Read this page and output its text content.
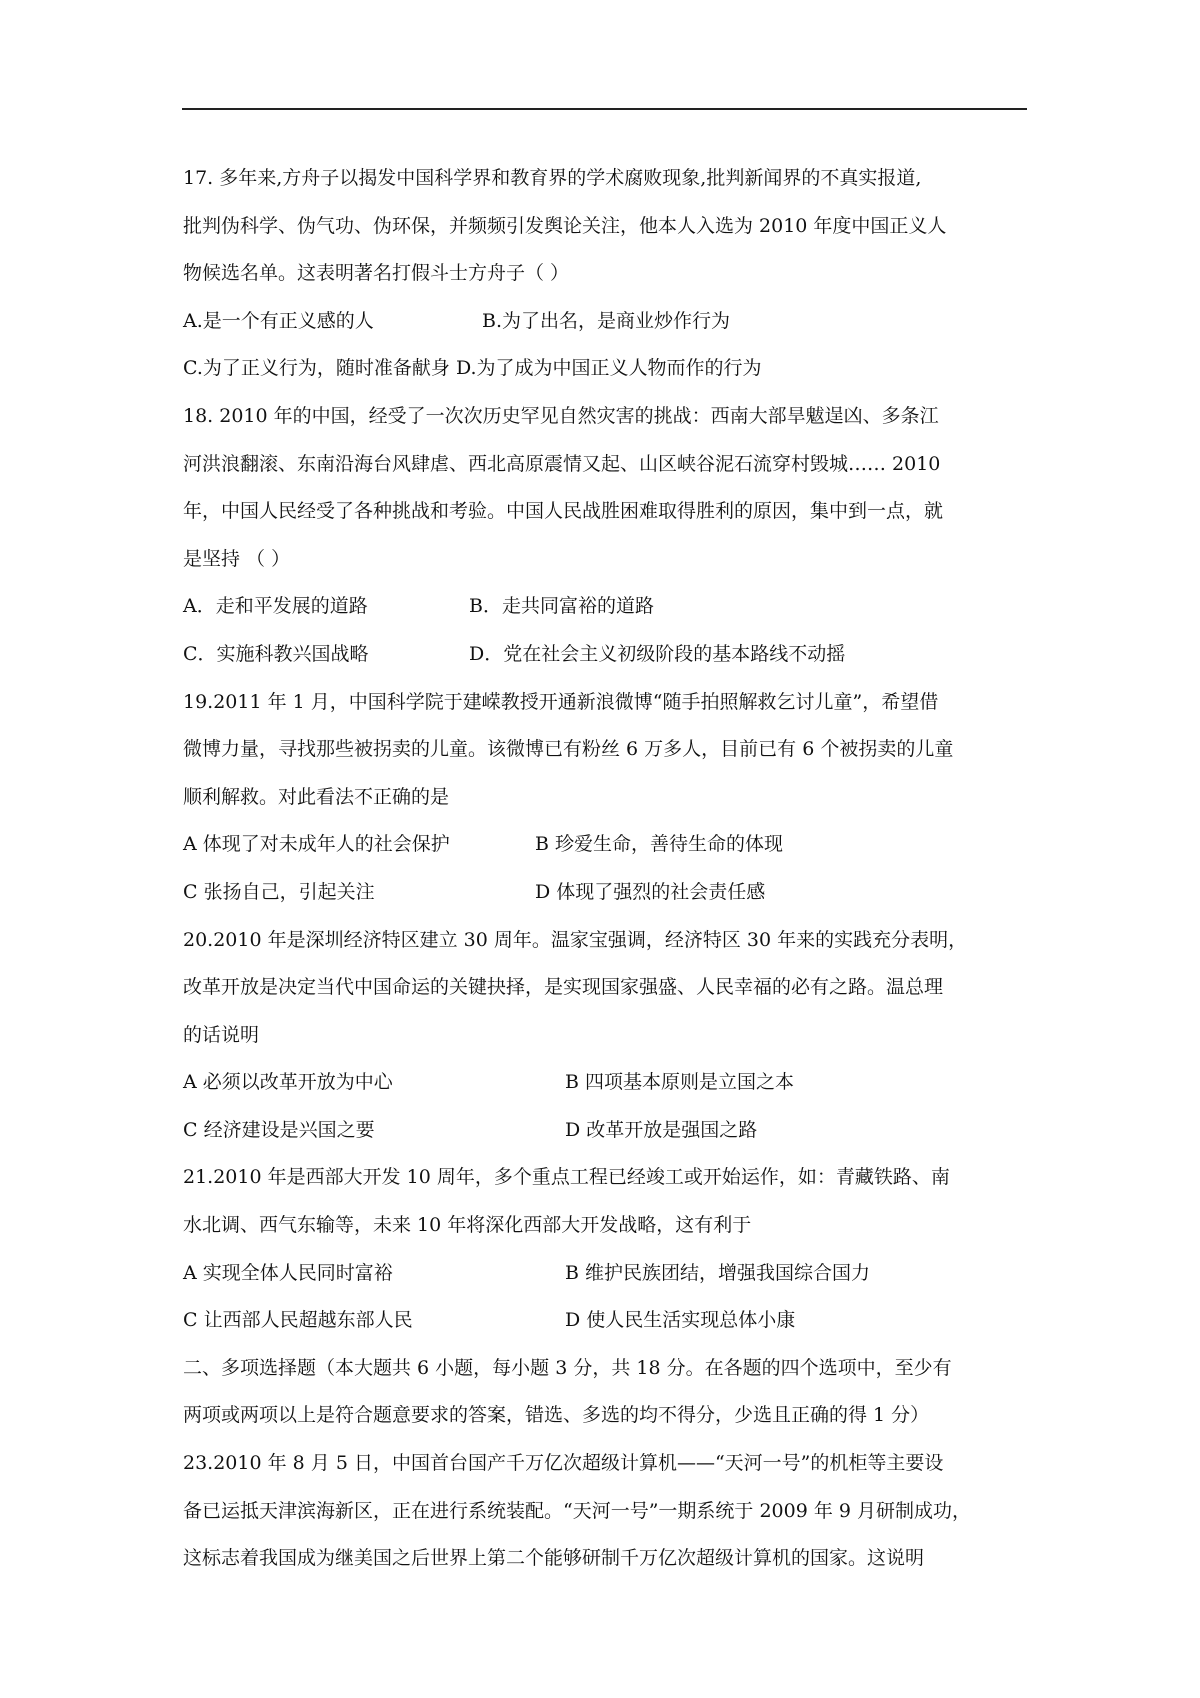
17. 多年来,方舟子以揭发中国科学界和教育界的学术腐败现象,批判新闻界的不真实报道,
批判伪科学、伪气功、伪环保，并频频引发舆论关注，他本人入选为 2010 年度中国正义人
物候选名单。这表明著名打假斗士方舟子（ ）
A.是一个有正义感的人	B.为了出名，是商业炒作行为
C.为了正义行为，随时准备献身 D.为了成为中国正义人物而作的行为
18. 2010 年的中国，经受了一次次历史罕见自然灾害的挑战：西南大部旱魃逞凶、多条江
河洪浪翻滚、东南沿海台风肆虐、西北高原震情又起、山区峡谷泥石流穿村毁城…… 2010
年，中国人民经受了各种挑战和考验。中国人民战胜困难取得胜利的原因，集中到一点，就
是坚持 （ ）
A．走和平发展的道路	B．走共同富裕的道路
C．实施科教兴国战略	D．党在社会主义初级阶段的基本路线不动摇
19.2011 年 1 月，中国科学院于建嵘教授开通新浪微博“随手拍照解救乞讨儿童”，希望借
微博力量，寻找那些被拐卖的儿童。该微博已有粉丝 6 万多人，目前已有 6 个被拐卖的儿童
顺利解救。对此看法不正确的是
A 体现了对未成年人的社会保护	B 珍爱生命，善待生命的体现
C 张扬自己，引起关注	D 体现了强烈的社会责任感
20.2010 年是深圳经济特区建立 30 周年。温家宝强调，经济特区 30 年来的实践充分表明，
改革开放是决定当代中国命运的关键抉择，是实现国家强盛、人民幸福的必有之路。温总理
的话说明
A 必须以改革开放为中心	B 四项基本原则是立国之本
C 经济建设是兴国之要	D 改革开放是强国之路
21.2010 年是西部大开发 10 周年，多个重点工程已经竣工或开始运作，如：青藏铁路、南
水北调、西气东输等，未来 10 年将深化西部大开发战略，这有利于
A 实现全体人民同时富裕	B 维护民族团结，增强我国综合国力
C 让西部人民超越东部人民	D 使人民生活实现总体小康
二、多项选择题（本大题共 6 小题，每小题 3 分，共 18 分。在各题的四个选项中，至少有
两项或两项以上是符合题意要求的答案，错选、多选的均不得分，少选且正确的得 1 分）
23.2010 年 8 月 5 日，中国首台国产千万亿次超级计算机——“天河一号”的机柜等主要设
备已运抵天津滨海新区，正在进行系统装配。“天河一号”一期系统于 2009 年 9 月研制成功，
这标志着我国成为继美国之后世界上第二个能够研制千万亿次超级计算机的国家。这说明
